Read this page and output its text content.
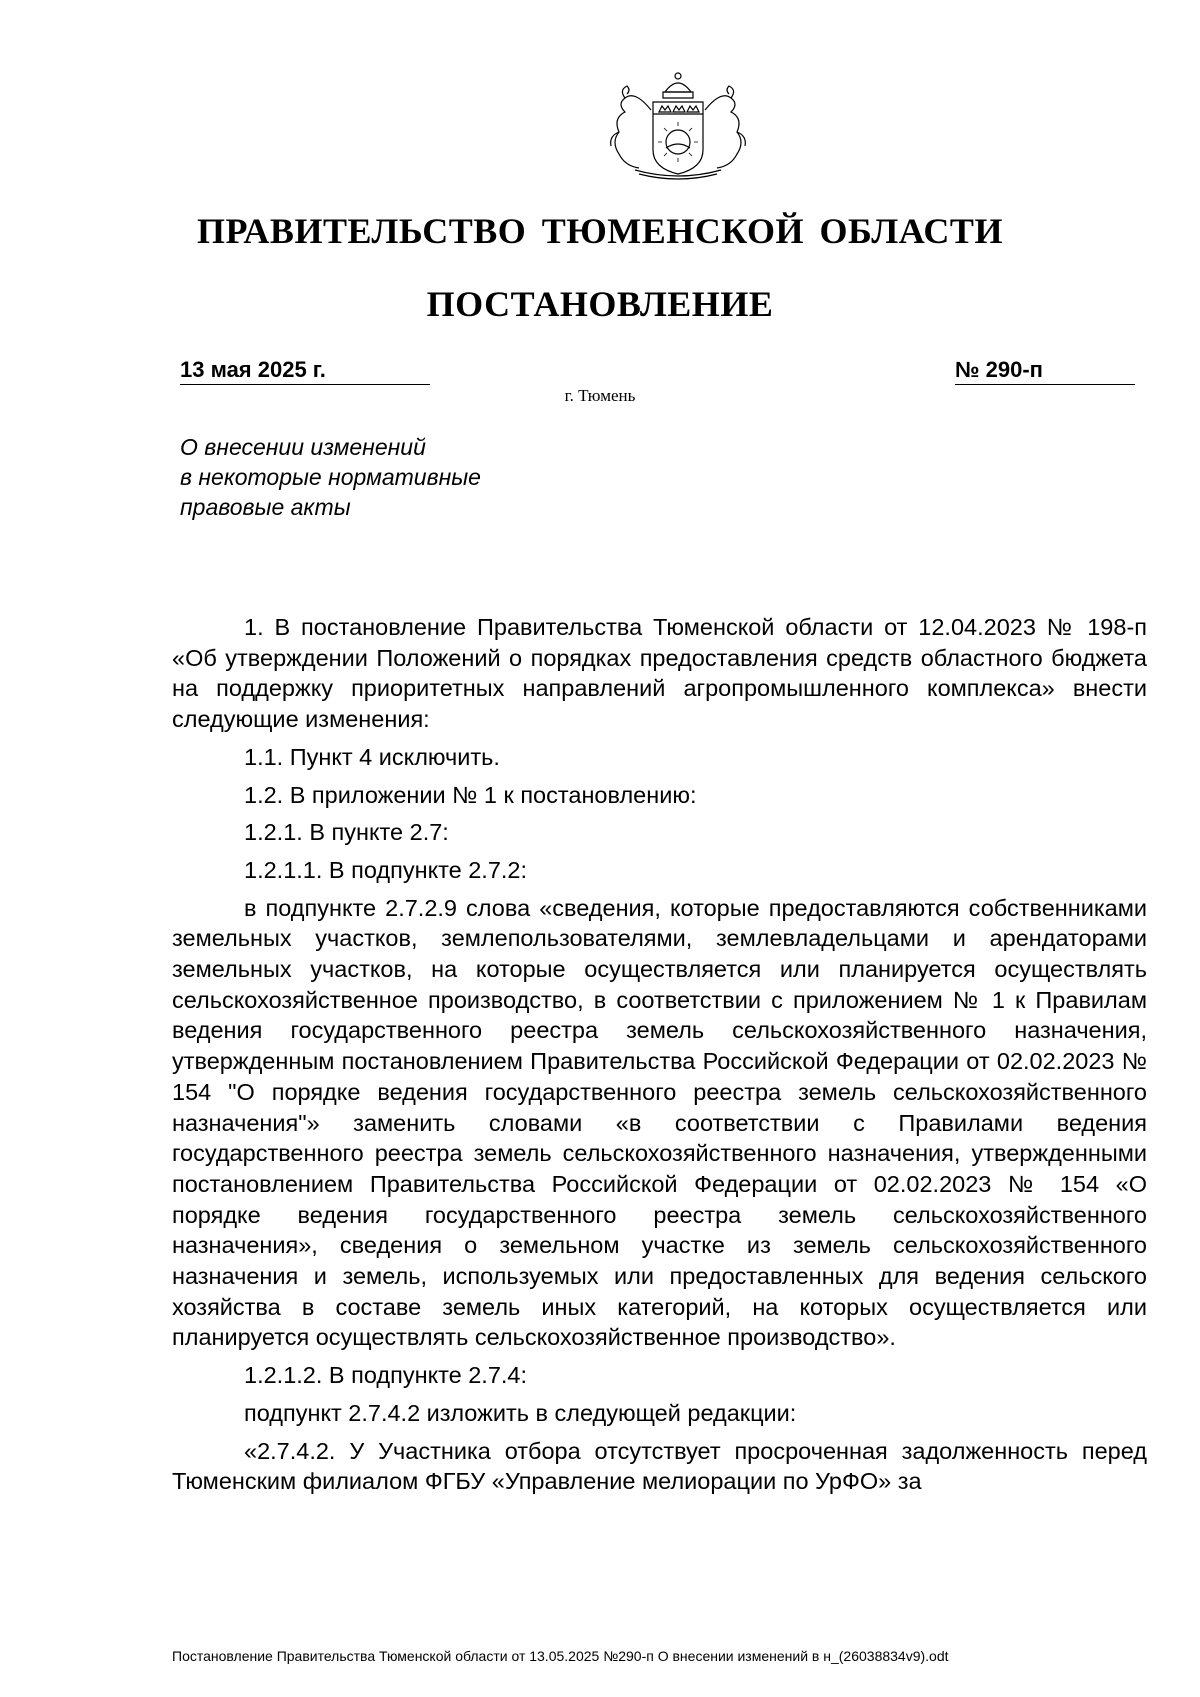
ПРАВИТЕЛЬСТВО ТЮМЕНСКОЙ ОБЛАСТИ
ПОСТАНОВЛЕНИЕ
13 мая 2025 г.	№ 290-п
г. Тюмень
О внесении изменений
в некоторые нормативные
правовые акты

1. В постановление Правительства Тюменской области от 12.04.2023 № 198-п «Об утверждении Положений о порядках предоставления средств областного бюджета на поддержку приоритетных направлений агропромышленного комплекса» внести следующие изменения:

1.1. Пункт 4 исключить.

1.2. В приложении № 1 к постановлению:

1.2.1. В пункте 2.7:

1.2.1.1. В подпункте 2.7.2:

в подпункте 2.7.2.9 слова «сведения, которые предоставляются собственниками земельных участков, землепользователями, землевладельцами и арендаторами земельных участков, на которые осуществляется или планируется осуществлять сельскохозяйственное производство, в соответствии с приложением № 1 к Правилам ведения государственного реестра земель сельскохозяйственного назначения, утвержденным постановлением Правительства Российской Федерации от 02.02.2023 № 154 "О порядке ведения государственного реестра земель сельскохозяйственного назначения"» заменить словами «в соответствии с Правилами ведения государственного реестра земель сельскохозяйственного назначения, утвержденными постановлением Правительства Российской Федерации от 02.02.2023 № 154 «О порядке ведения государственного реестра земель сельскохозяйственного назначения», сведения о земельном участке из земель сельскохозяйственного назначения и земель, используемых или предоставленных для ведения сельского хозяйства в составе земель иных категорий, на которых осуществляется или планируется осуществлять сельскохозяйственное производство».

1.2.1.2. В подпункте 2.7.4:

подпункт 2.7.4.2 изложить в следующей редакции:

«2.7.4.2. У Участника отбора отсутствует просроченная задолженность перед Тюменским филиалом ФГБУ «Управление мелиорации по УрФО» за

Постановление Правительства Тюменской области от 13.05.2025 №290-п О внесении изменений в н_(26038834v9).odt
